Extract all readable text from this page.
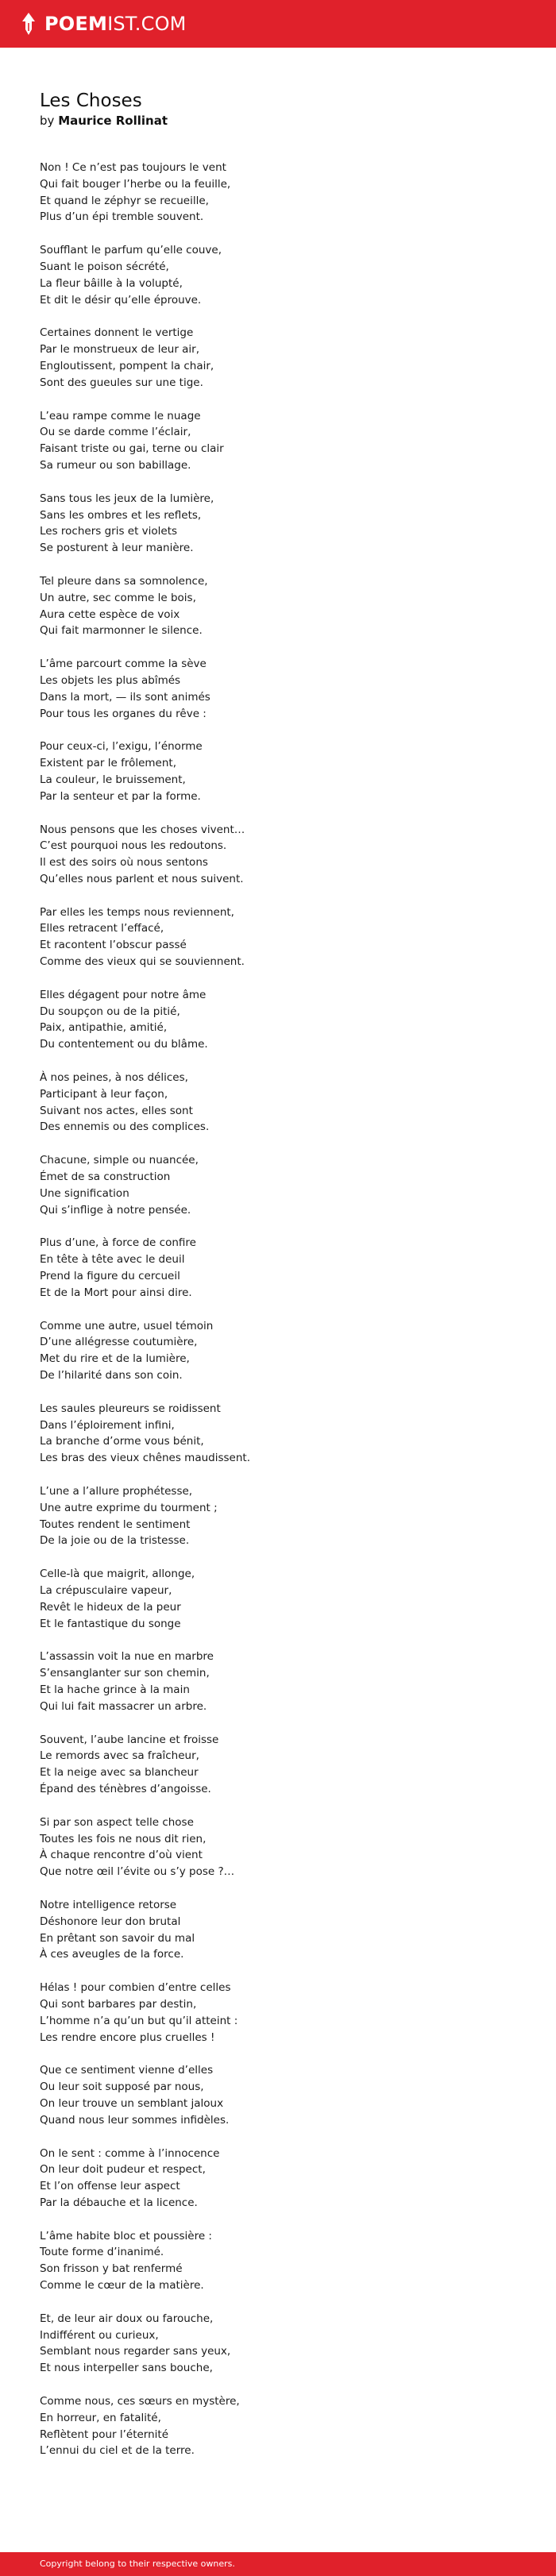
POEMIST.COM
Les Choses
by Maurice Rollinat
Non ! Ce n’est pas toujours le vent
Qui fait bouger l’herbe ou la feuille,
Et quand le zéphyr se recueille,
Plus d’un épi tremble souvent.
Soufflant le parfum qu’elle couve,
Suant le poison sécrété,
La fleur bâille à la volupté,
Et dit le désir qu’elle éprouve.
Certaines donnent le vertige
Par le monstrueux de leur air,
Engloutissent, pompent la chair,
Sont des gueules sur une tige.
L’eau rampe comme le nuage
Ou se darde comme l’éclair,
Faisant triste ou gai, terne ou clair
Sa rumeur ou son babillage.
Sans tous les jeux de la lumière,
Sans les ombres et les reflets,
Les rochers gris et violets
Se posturent à leur manière.
Tel pleure dans sa somnolence,
Un autre, sec comme le bois,
Aura cette espèce de voix
Qui fait marmonner le silence.
L’âme parcourt comme la sève
Les objets les plus abîmés
Dans la mort, — ils sont animés
Pour tous les organes du rêve :
Pour ceux-ci, l’exigu, l’énorme
Existent par le frôlement,
La couleur, le bruissement,
Par la senteur et par la forme.
Nous pensons que les choses vivent…
C’est pourquoi nous les redoutons.
Il est des soirs où nous sentons
Qu’elles nous parlent et nous suivent.
Par elles les temps nous reviennent,
Elles retracent l’effacé,
Et racontent l’obscur passé
Comme des vieux qui se souviennent.
Elles dégagent pour notre âme
Du soupçon ou de la pitié,
Paix, antipathie, amitié,
Du contentement ou du blâme.
À nos peines, à nos délices,
Participant à leur façon,
Suivant nos actes, elles sont
Des ennemis ou des complices.
Chacune, simple ou nuancée,
Émet de sa construction
Une signification
Qui s’inflige à notre pensée.
Plus d’une, à force de confire
En tête à tête avec le deuil
Prend la figure du cercueil
Et de la Mort pour ainsi dire.
Comme une autre, usuel témoin
D’une allégresse coutumière,
Met du rire et de la lumière,
De l’hilarité dans son coin.
Les saules pleureurs se roidissent
Dans l’éploirement infini,
La branche d’orme vous bénit,
Les bras des vieux chênes maudissent.
L’une a l’allure prophétesse,
Une autre exprime du tourment ;
Toutes rendent le sentiment
De la joie ou de la tristesse.
Celle-là que maigrit, allonge,
La crépusculaire vapeur,
Revêt le hideux de la peur
Et le fantastique du songe
L’assassin voit la nue en marbre
S’ensanglanter sur son chemin,
Et la hache grince à la main
Qui lui fait massacrer un arbre.
Souvent, l’aube lancine et froisse
Le remords avec sa fraîcheur,
Et la neige avec sa blancheur
Épand des ténèbres d’angoisse.
Si par son aspect telle chose
Toutes les fois ne nous dit rien,
À chaque rencontre d’où vient
Que notre œil l’évite ou s’y pose ?…
Notre intelligence retorse
Déshonore leur don brutal
En prêtant son savoir du mal
À ces aveugles de la force.
Hélas ! pour combien d’entre celles
Qui sont barbares par destin,
L’homme n’a qu’un but qu’il atteint :
Les rendre encore plus cruelles !
Que ce sentiment vienne d’elles
Ou leur soit supposé par nous,
On leur trouve un semblant jaloux
Quand nous leur sommes infidèles.
On le sent : comme à l’innocence
On leur doit pudeur et respect,
Et l’on offense leur aspect
Par la débauche et la licence.
L’âme habite bloc et poussière :
Toute forme d’inanimé.
Son frisson y bat renfermé
Comme le cœur de la matière.
Et, de leur air doux ou farouche,
Indifférent ou curieux,
Semblant nous regarder sans yeux,
Et nous interpeller sans bouche,
Comme nous, ces sœurs en mystère,
En horreur, en fatalité,
Reflètent pour l’éternité
L’ennui du ciel et de la terre.
Copyright belong to their respective owners.
